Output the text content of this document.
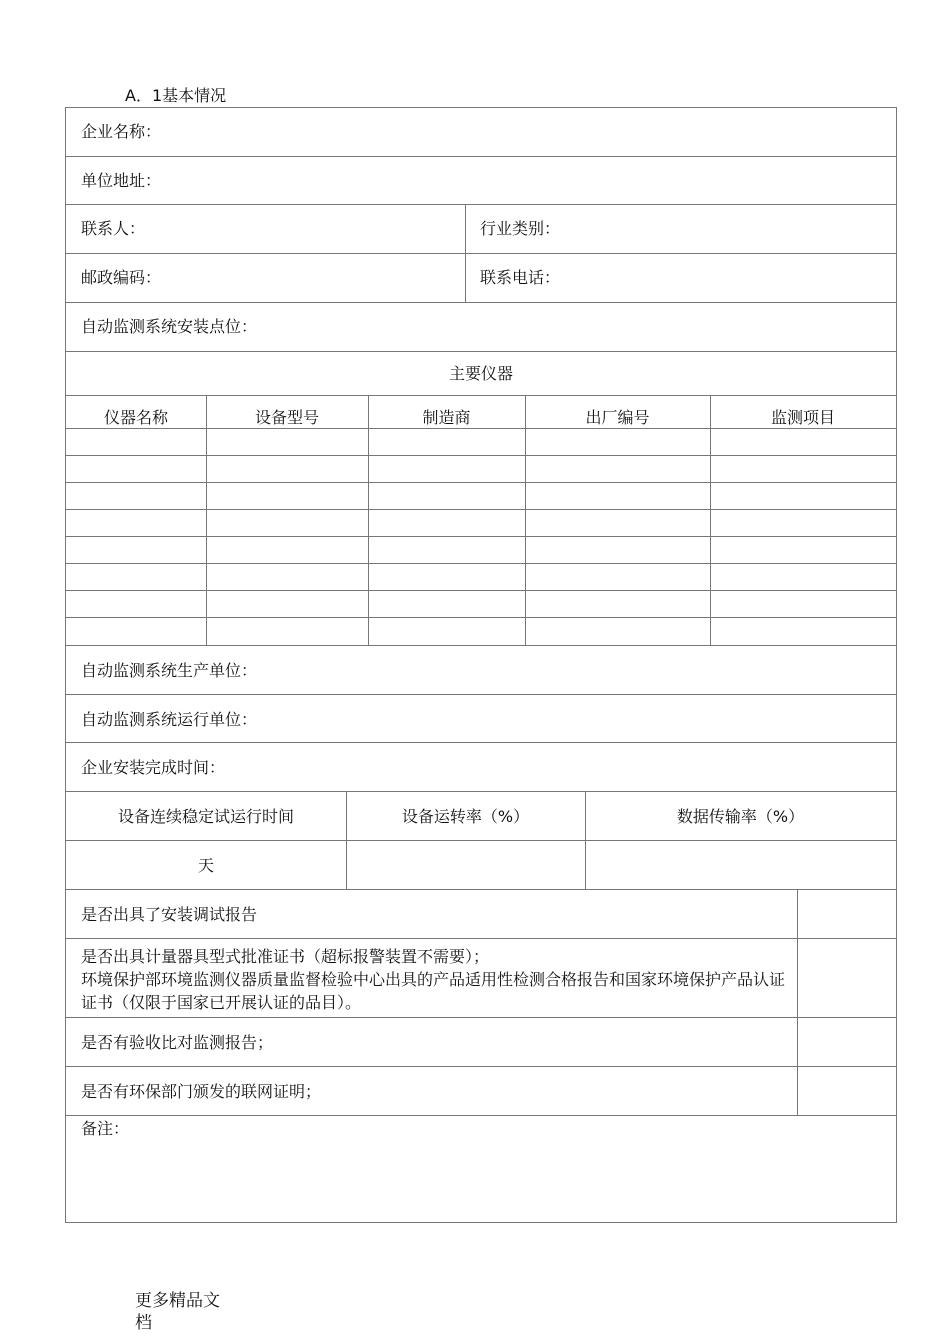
A．1基本情况
企业名称：
单位地址：
联系人：	行业类别：
邮政编码：	联系电话：
自动监测系统安装点位：
主要仪器
仪器名称	设备型号	制造商	出厂编号	监测项目
自动监测系统生产单位：
自动监测系统运行单位：
企业安装完成时间：
设备连续稳定试运行时间	设备运转率（%）	数据传输率（%）
天
是否出具了安装调试报告
是否出具计量器具型式批准证书（超标报警装置不需要）；
环境保护部环境监测仪器质量监督检验中心出具的产品适用性检测合格报告和国家环境保护产品认证证书（仅限于国家已开展认证的品目）。
是否有验收比对监测报告；
是否有环保部门颁发的联网证明；
备注：
更多精品文档
